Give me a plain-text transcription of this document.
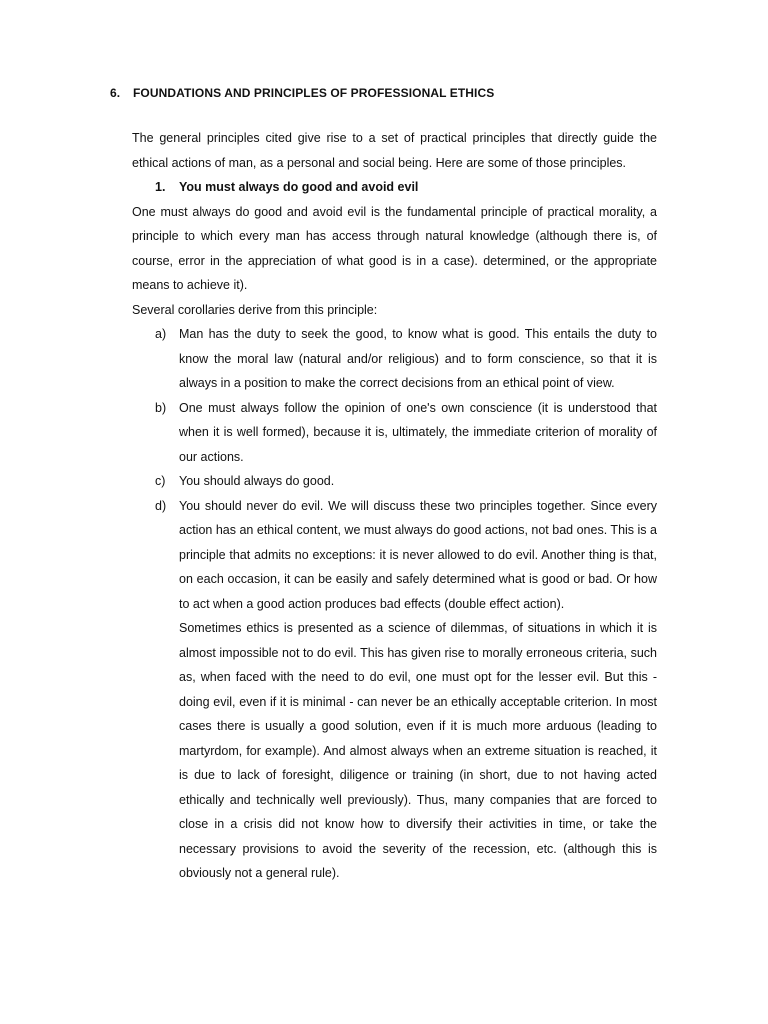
6. FOUNDATIONS AND PRINCIPLES OF PROFESSIONAL ETHICS

The general principles cited give rise to a set of practical principles that directly guide the ethical actions of man, as a personal and social being. Here are some of those principles.

1. You must always do good and avoid evil

One must always do good and avoid evil is the fundamental principle of practical morality, a principle to which every man has access through natural knowledge (although there is, of course, error in the appreciation of what good is in a case). determined, or the appropriate means to achieve it).

Several corollaries derive from this principle:

a) Man has the duty to seek the good, to know what is good. This entails the duty to know the moral law (natural and/or religious) and to form conscience, so that it is always in a position to make the correct decisions from an ethical point of view.
b) One must always follow the opinion of one's own conscience (it is understood that when it is well formed), because it is, ultimately, the immediate criterion of morality of our actions.
c) You should always do good.
d) You should never do evil. We will discuss these two principles together. Since every action has an ethical content, we must always do good actions, not bad ones. This is a principle that admits no exceptions: it is never allowed to do evil. Another thing is that, on each occasion, it can be easily and safely determined what is good or bad. Or how to act when a good action produces bad effects (double effect action).

Sometimes ethics is presented as a science of dilemmas, of situations in which it is almost impossible not to do evil. This has given rise to morally erroneous criteria, such as, when faced with the need to do evil, one must opt for the lesser evil. But this - doing evil, even if it is minimal - can never be an ethically acceptable criterion. In most cases there is usually a good solution, even if it is much more arduous (leading to martyrdom, for example). And almost always when an extreme situation is reached, it is due to lack of foresight, diligence or training (in short, due to not having acted ethically and technically well previously). Thus, many companies that are forced to close in a crisis did not know how to diversify their activities in time, or take the necessary provisions to avoid the severity of the recession, etc. (although this is obviously not a general rule).
